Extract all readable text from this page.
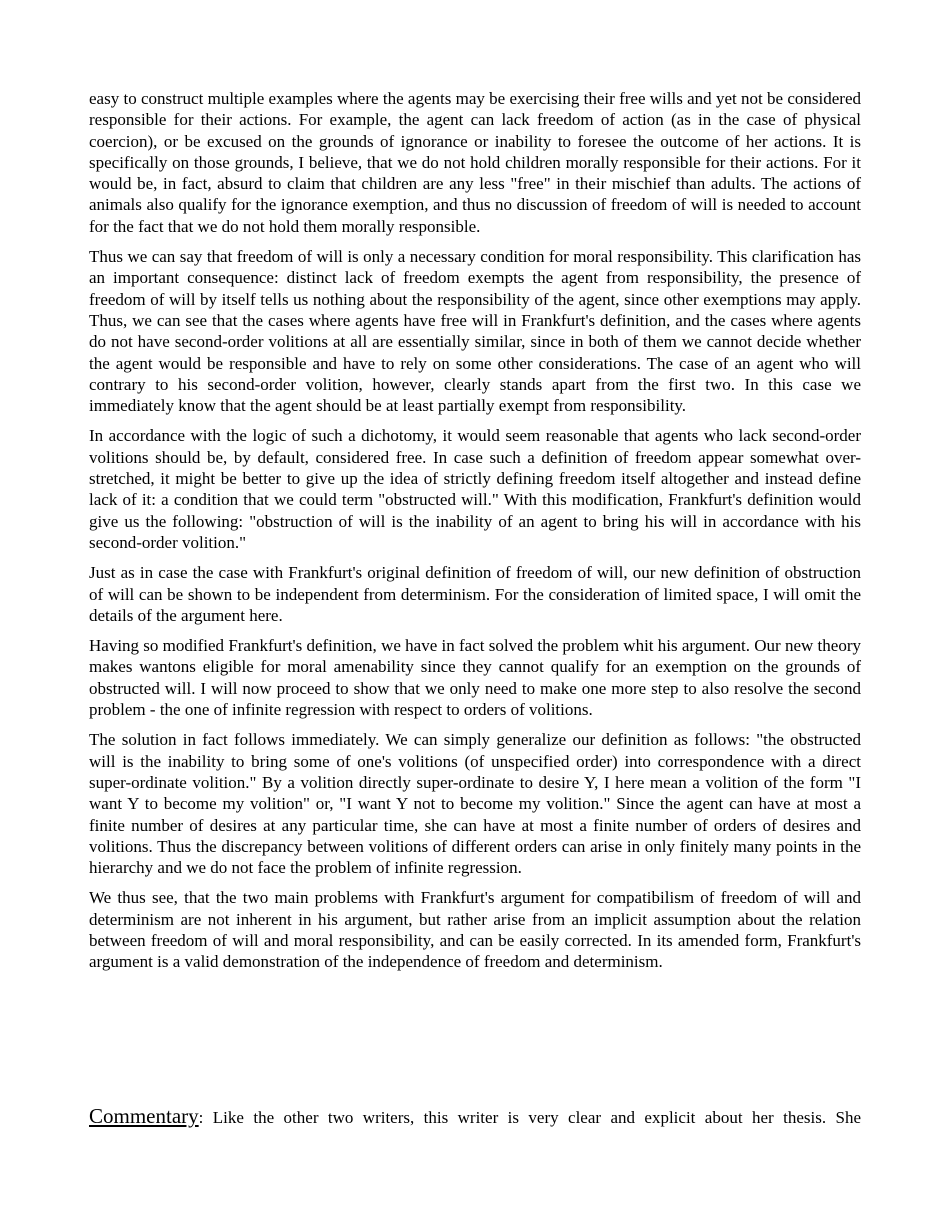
easy to construct multiple examples where the agents may be exercising their free wills and yet not be considered responsible for their actions. For example, the agent can lack freedom of action (as in the case of physical coercion), or be excused on the grounds of ignorance or inability to foresee the outcome of her actions. It is specifically on those grounds, I believe, that we do not hold children morally responsible for their actions. For it would be, in fact, absurd to claim that children are any less "free" in their mischief than adults. The actions of animals also qualify for the ignorance exemption, and thus no discussion of freedom of will is needed to account for the fact that we do not hold them morally responsible.

Thus we can say that freedom of will is only a necessary condition for moral responsibility. This clarification has an important consequence: distinct lack of freedom exempts the agent from responsibility, the presence of freedom of will by itself tells us nothing about the responsibility of the agent, since other exemptions may apply. Thus, we can see that the cases where agents have free will in Frankfurt's definition, and the cases where agents do not have second-order volitions at all are essentially similar, since in both of them we cannot decide whether the agent would be responsible and have to rely on some other considerations. The case of an agent who will contrary to his second-order volition, however, clearly stands apart from the first two. In this case we immediately know that the agent should be at least partially exempt from responsibility.

In accordance with the logic of such a dichotomy, it would seem reasonable that agents who lack second-order volitions should be, by default, considered free. In case such a definition of freedom appear somewhat over-stretched, it might be better to give up the idea of strictly defining freedom itself altogether and instead define lack of it: a condition that we could term "obstructed will." With this modification, Frankfurt's definition would give us the following: "obstruction of will is the inability of an agent to bring his will in accordance with his second-order volition."

Just as in case the case with Frankfurt's original definition of freedom of will, our new definition of obstruction of will can be shown to be independent from determinism. For the consideration of limited space, I will omit the details of the argument here.

Having so modified Frankfurt's definition, we have in fact solved the problem whit his argument. Our new theory makes wantons eligible for moral amenability since they cannot qualify for an exemption on the grounds of obstructed will. I will now proceed to show that we only need to make one more step to also resolve the second problem - the one of infinite regression with respect to orders of volitions.

The solution in fact follows immediately. We can simply generalize our definition as follows: "the obstructed will is the inability to bring some of one's volitions (of unspecified order) into correspondence with a direct super-ordinate volition." By a volition directly super-ordinate to desire Y, I here mean a volition of the form "I want Y to become my volition" or, "I want Y not to become my volition." Since the agent can have at most a finite number of desires at any particular time, she can have at most a finite number of orders of desires and volitions. Thus the discrepancy between volitions of different orders can arise in only finitely many points in the hierarchy and we do not face the problem of infinite regression.

We thus see, that the two main problems with Frankfurt's argument for compatibilism of freedom of will and determinism are not inherent in his argument, but rather arise from an implicit assumption about the relation between freedom of will and moral responsibility, and can be easily corrected. In its amended form, Frankfurt's argument is a valid demonstration of the independence of freedom and determinism.

Commentary: Like the other two writers, this writer is very clear and explicit about her thesis. She
